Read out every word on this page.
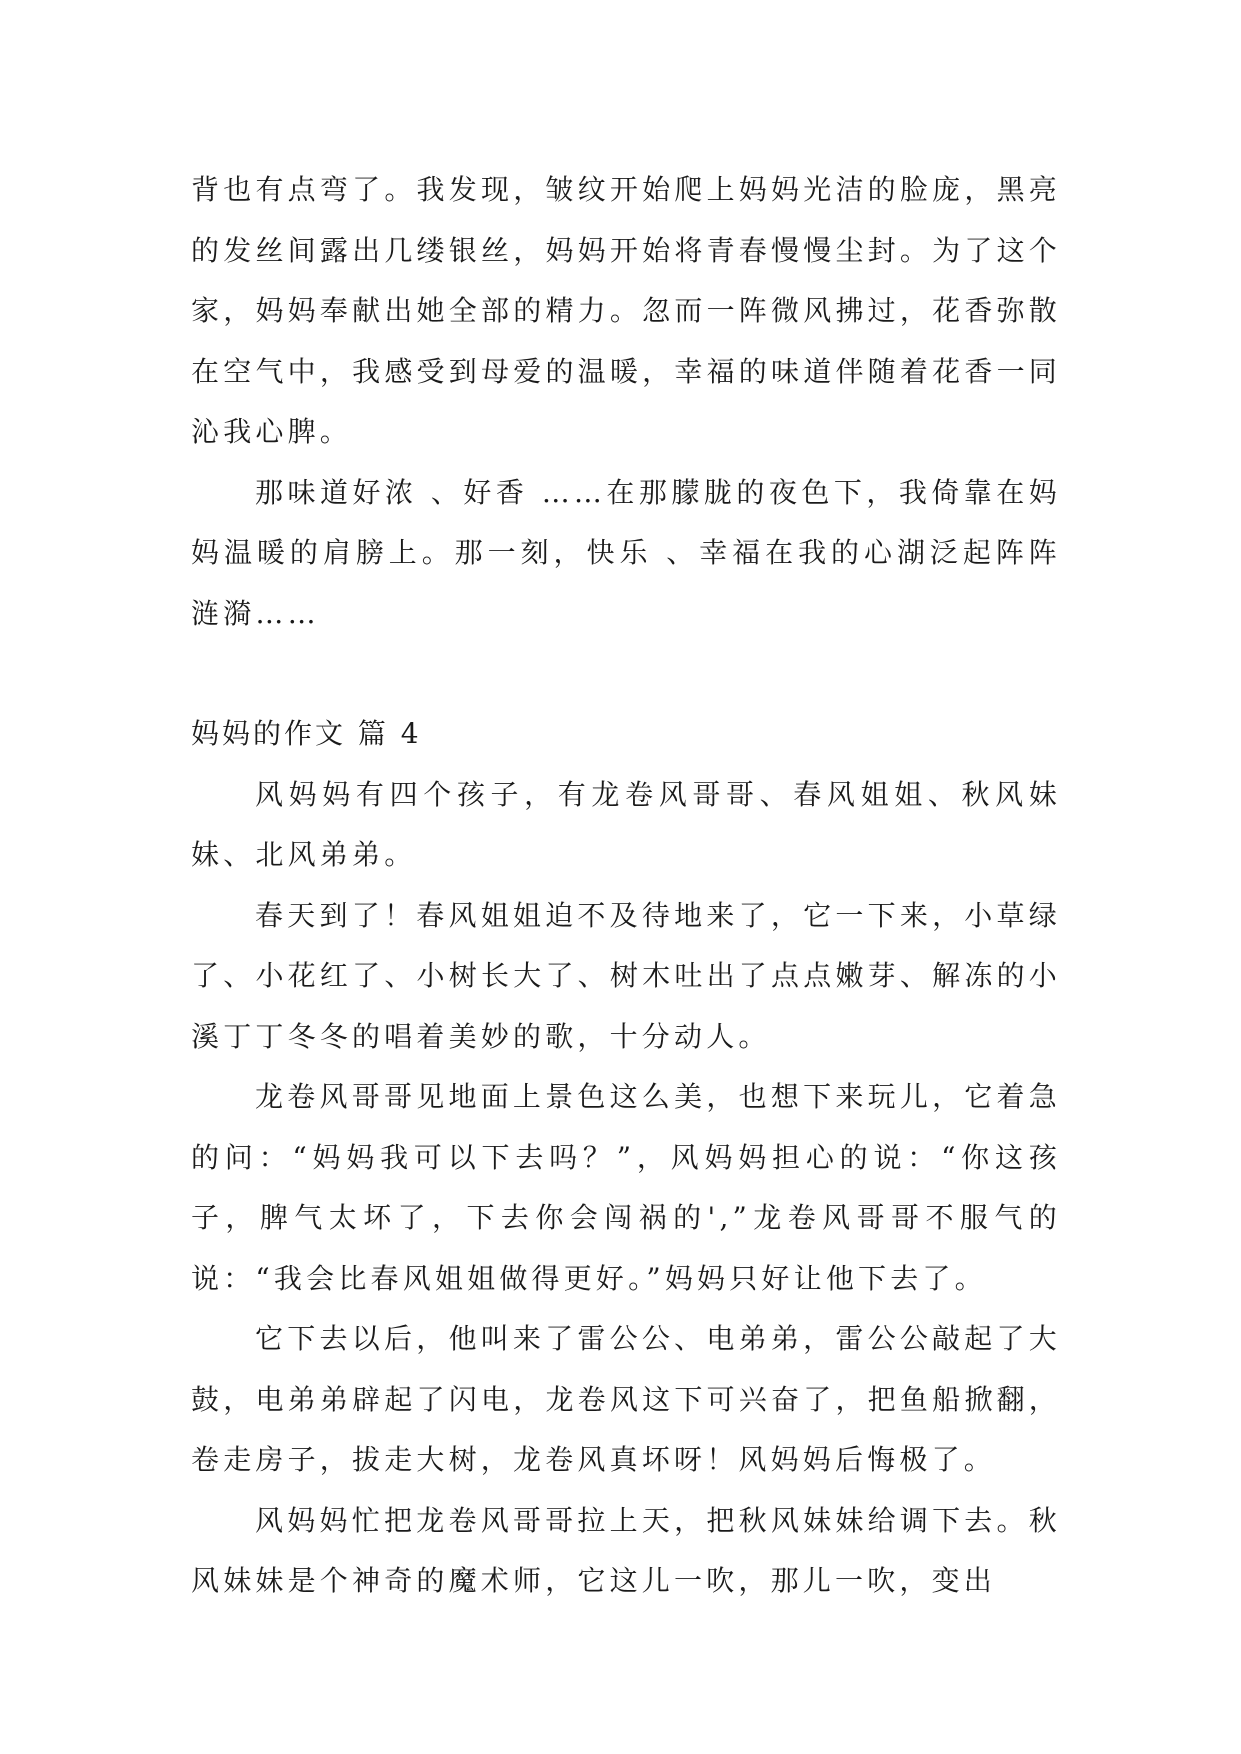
背也有点弯了。我发现，皱纹开始爬上妈妈光洁的脸庞，黑亮的发丝间露出几缕银丝，妈妈开始将青春慢慢尘封。为了这个家，妈妈奉献出她全部的精力。忽而一阵微风拂过，花香弥散在空气中，我感受到母爱的温暖，幸福的味道伴随着花香一同沁我心脾。

那味道好浓 、好香 ……在那朦胧的夜色下，我倚靠在妈妈温暖的肩膀上。那一刻，快乐 、幸福在我的心湖泛起阵阵涟漪……

妈妈的作文 篇 4

风妈妈有四个孩子，有龙卷风哥哥、春风姐姐、秋风妹妹、北风弟弟。

春天到了！春风姐姐迫不及待地来了，它一下来，小草绿了、小花红了、小树长大了、树木吐出了点点嫩芽、解冻的小溪丁丁冬冬的唱着美妙的歌，十分动人。

龙卷风哥哥见地面上景色这么美，也想下来玩儿，它着急的问：“妈妈我可以下去吗？”，风妈妈担心的说：“你这孩子，脾气太坏了，下去你会闯祸的',”龙卷风哥哥不服气的说：“我会比春风姐姐做得更好。”妈妈只好让他下去了。

它下去以后，他叫来了雷公公、电弟弟，雷公公敲起了大鼓，电弟弟辟起了闪电，龙卷风这下可兴奋了，把鱼船掀翻，卷走房子，拔走大树，龙卷风真坏呀！风妈妈后悔极了。

风妈妈忙把龙卷风哥哥拉上天，把秋风妹妹给调下去。秋风妹妹是个神奇的魔术师，它这儿一吹，那儿一吹，变出
